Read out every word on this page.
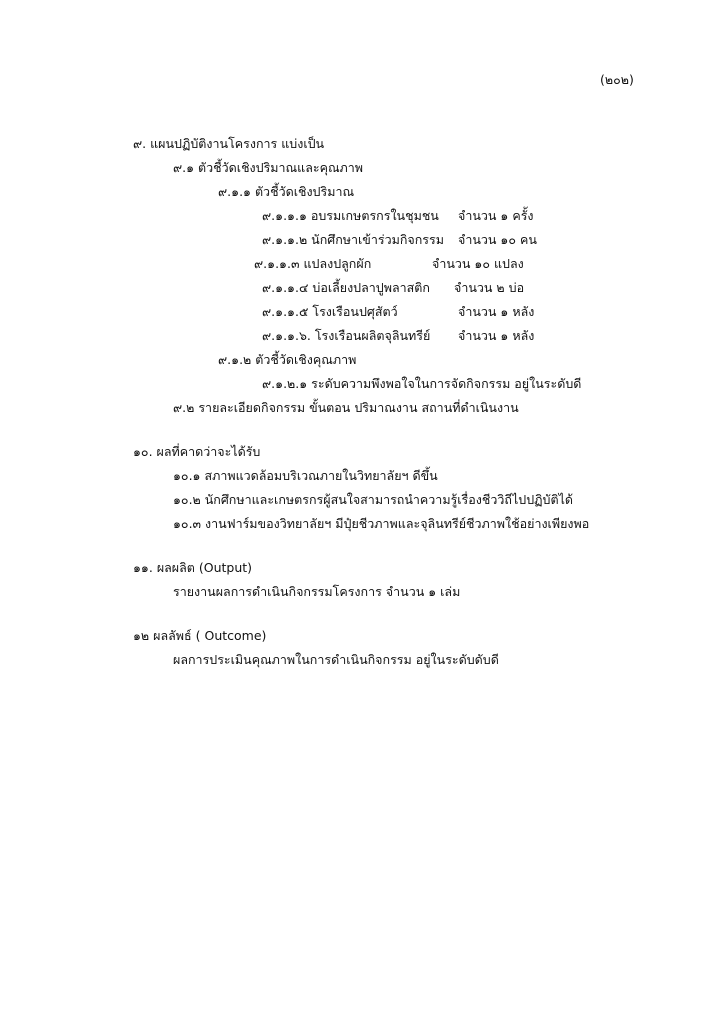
(๒๐๒)
๙. แผนปฏิบัติงานโครงการ แบ่งเป็น
๙.๑ ตัวชี้วัดเชิงปริมาณและคุณภาพ
๙.๑.๑ ตัวชี้วัดเชิงปริมาณ
๙.๑.๑.๑ อบรมเกษตรกรในชุมชน จำนวน ๑ ครั้ง
๙.๑.๑.๒ นักศึกษาเข้าร่วมกิจกรรม จำนวน ๑๐ คน
๙.๑.๑.๓ แปลงปลูกผัก	จำนวน ๑๐ แปลง
๙.๑.๑.๔ บ่อเลี้ยงปลาปูพลาสติก จำนวน ๒ บ่อ
๙.๑.๑.๕ โรงเรือนปศุสัตว์	จำนวน ๑ หลัง
๙.๑.๑.๖. โรงเรือนผลิตจุลินทรีย์ จำนวน ๑ หลัง
๙.๑.๒ ตัวชี้วัดเชิงคุณภาพ
๙.๑.๒.๑ ระดับความพึงพอใจในการจัดกิจกรรม อยู่ในระดับดี
๙.๒ รายละเอียดกิจกรรม ขั้นตอน ปริมาณงาน สถานที่ดำเนินงาน
๑๐. ผลที่คาดว่าจะได้รับ
๑๐.๑ สภาพแวดล้อมบริเวณภายในวิทยาลัยฯ ดีขึ้น
๑๐.๒ นักศึกษาและเกษตรกรผู้สนใจสามารถนำความรู้เรื่องชีววิถีไปปฏิบัติได้
๑๐.๓ งานฟาร์มของวิทยาลัยฯ มีปุ๋ยชีวภาพและจุลินทรีย์ชีวภาพใช้อย่างเพียงพอ
๑๑. ผลผลิต (Output)
รายงานผลการดำเนินกิจกรรมโครงการ จำนวน ๑ เล่ม
๑๒ ผลลัพธ์ ( Outcome)
ผลการประเมินคุณภาพในการดำเนินกิจกรรม อยู่ในระดับดับดี
